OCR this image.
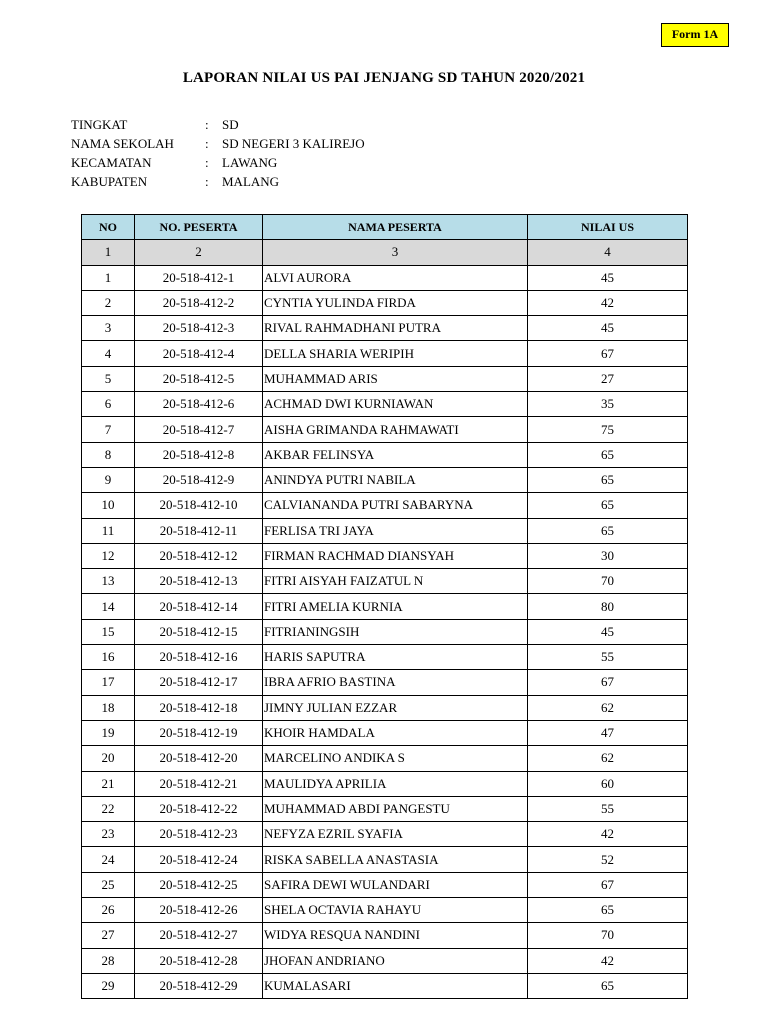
Form 1A
LAPORAN NILAI US PAI JENJANG SD TAHUN 2020/2021
TINGKAT	:	SD
NAMA SEKOLAH	:	SD NEGERI 3 KALIREJO
KECAMATAN	:	LAWANG
KABUPATEN	:	MALANG
NO	NO. PESERTA	NAMA PESERTA	NILAI US
1	2	3	4
1	20-518-412-1	ALVI AURORA	45
2	20-518-412-2	CYNTIA YULINDA FIRDA	42
3	20-518-412-3	RIVAL RAHMADHANI PUTRA	45
4	20-518-412-4	DELLA SHARIA WERIPIH	67
5	20-518-412-5	MUHAMMAD ARIS	27
6	20-518-412-6	ACHMAD DWI KURNIAWAN	35
7	20-518-412-7	AISHA GRIMANDA RAHMAWATI	75
8	20-518-412-8	AKBAR FELINSYA	65
9	20-518-412-9	ANINDYA PUTRI NABILA	65
10	20-518-412-10	CALVIANANDA PUTRI SABARYNA	65
11	20-518-412-11	FERLISA TRI JAYA	65
12	20-518-412-12	FIRMAN RACHMAD DIANSYAH	30
13	20-518-412-13	FITRI AISYAH FAIZATUL N	70
14	20-518-412-14	FITRI AMELIA KURNIA	80
15	20-518-412-15	FITRIANINGSIH	45
16	20-518-412-16	HARIS SAPUTRA	55
17	20-518-412-17	IBRA AFRIO BASTINA	67
18	20-518-412-18	JIMNY JULIAN EZZAR	62
19	20-518-412-19	KHOIR HAMDALA	47
20	20-518-412-20	MARCELINO ANDIKA S	62
21	20-518-412-21	MAULIDYA APRILIA	60
22	20-518-412-22	MUHAMMAD ABDI PANGESTU	55
23	20-518-412-23	NEFYZA EZRIL SYAFIA	42
24	20-518-412-24	RISKA SABELLA ANASTASIA	52
25	20-518-412-25	SAFIRA DEWI WULANDARI	67
26	20-518-412-26	SHELA OCTAVIA RAHAYU	65
27	20-518-412-27	WIDYA RESQUA NANDINI	70
28	20-518-412-28	JHOFAN ANDRIANO	42
29	20-518-412-29	KUMALASARI	65
